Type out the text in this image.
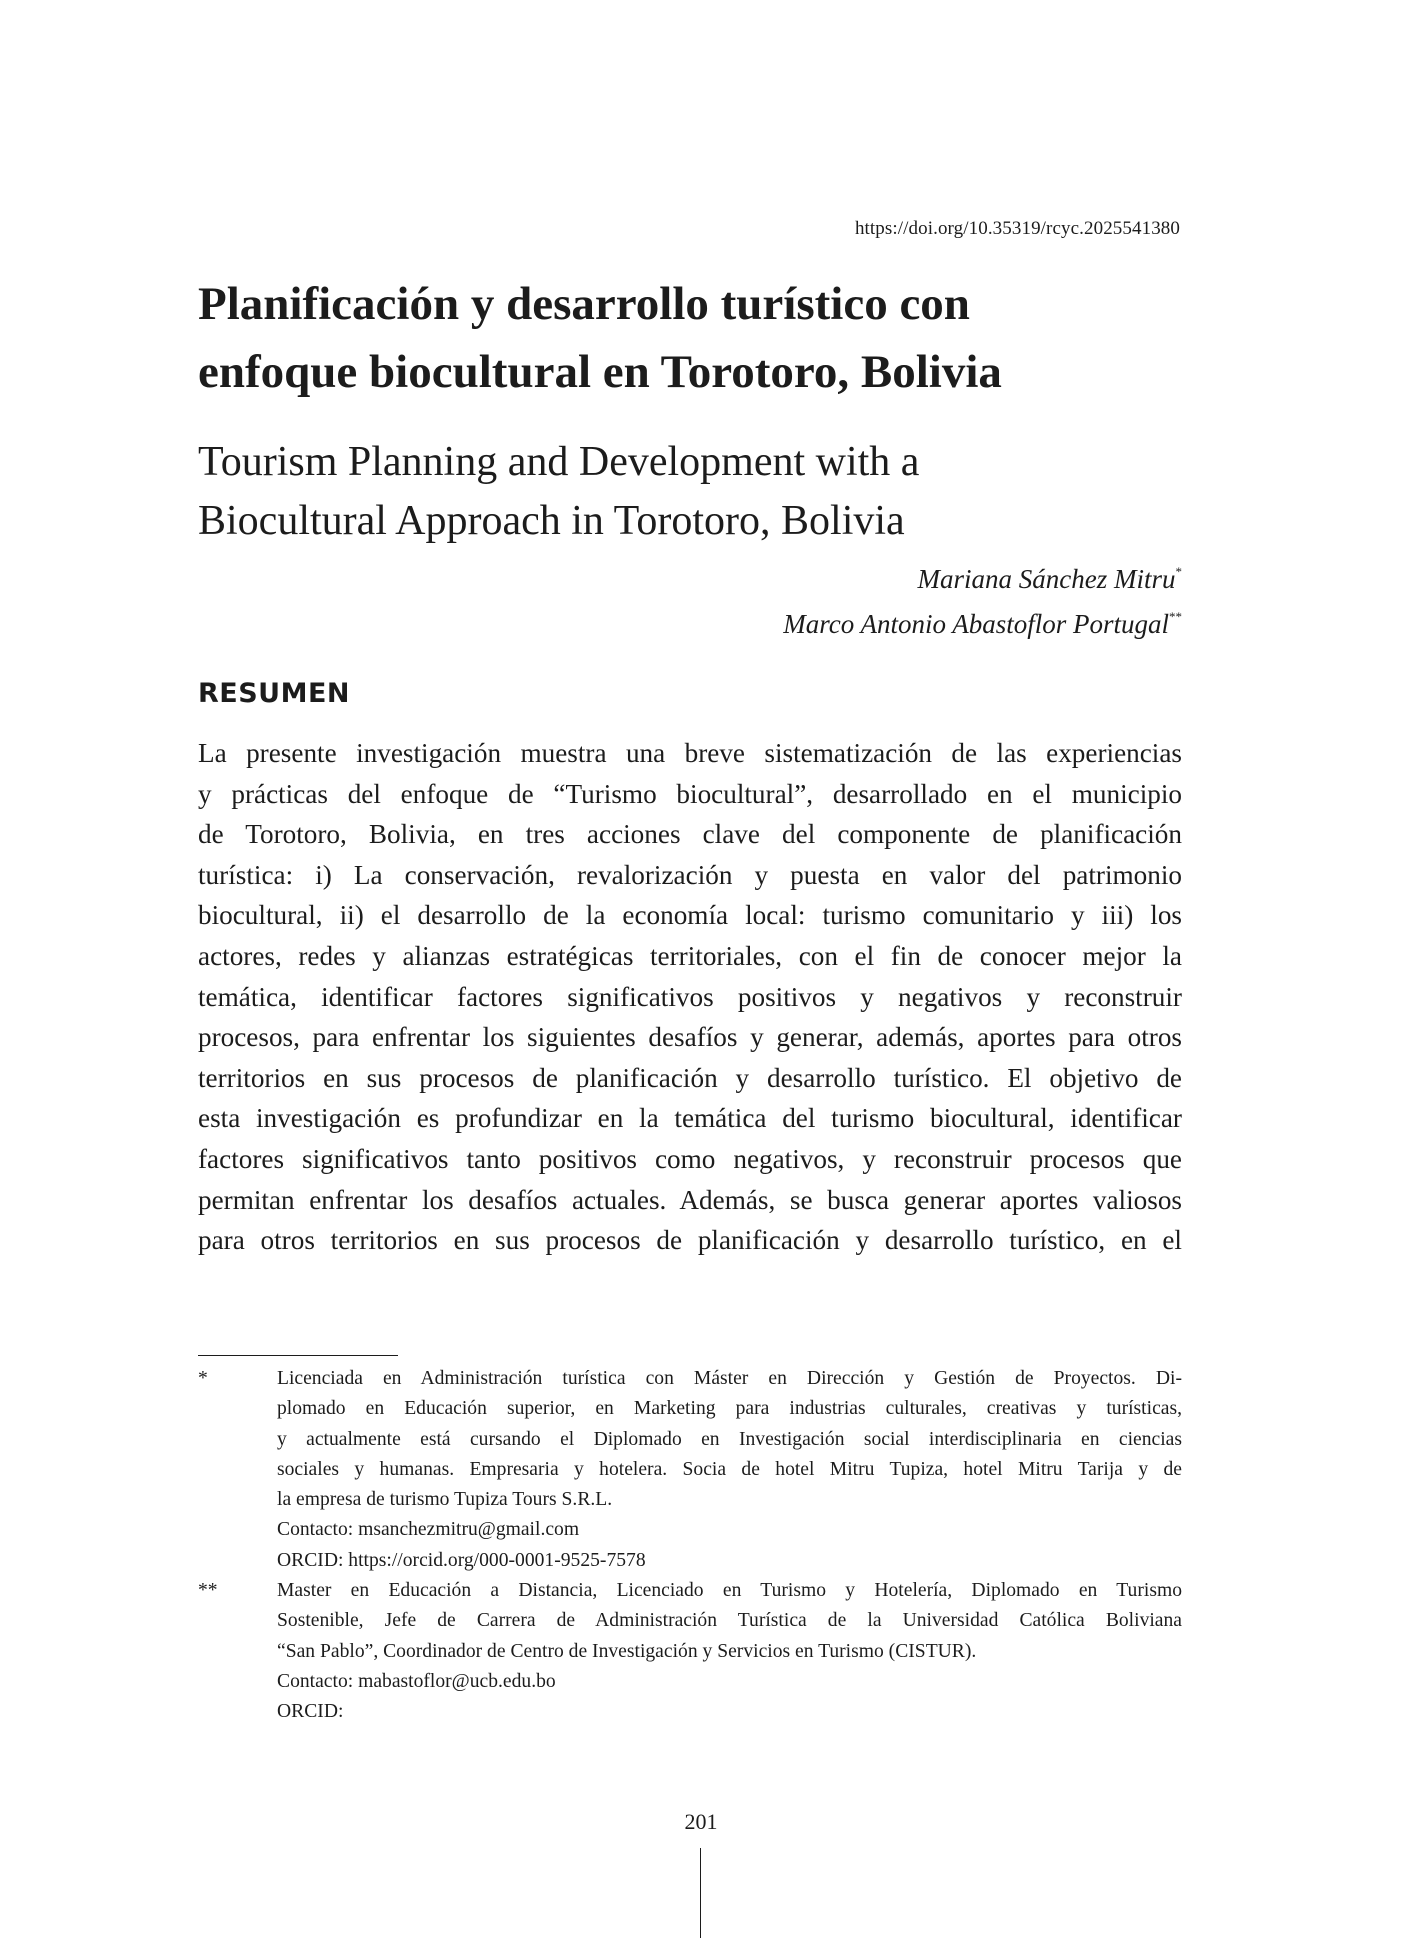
https://doi.org/10.35319/rcyc.2025541380
Planificación y desarrollo turístico con
enfoque biocultural en Torotoro, Bolivia
Tourism Planning and Development with a
Biocultural Approach in Torotoro, Bolivia
Mariana Sánchez Mitru*
Marco Antonio Abastoflor Portugal**
RESUMEN
La presente investigación muestra una breve sistematización de las experiencias
y prácticas del enfoque de “Turismo biocultural”, desarrollado en el municipio
de Torotoro, Bolivia, en tres acciones clave del componente de planificación
turística: i) La conservación, revalorización y puesta en valor del patrimonio
biocultural, ii) el desarrollo de la economía local: turismo comunitario y iii) los
actores, redes y alianzas estratégicas territoriales, con el fin de conocer mejor la
temática, identificar factores significativos positivos y negativos y reconstruir
procesos, para enfrentar los siguientes desafíos y generar, además, aportes para otros
territorios en sus procesos de planificación y desarrollo turístico. El objetivo de
esta investigación es profundizar en la temática del turismo biocultural, identificar
factores significativos tanto positivos como negativos, y reconstruir procesos que
permitan enfrentar los desafíos actuales. Además, se busca generar aportes valiosos
para otros territorios en sus procesos de planificación y desarrollo turístico, en el
*	Licenciada en Administración turística con Máster en Dirección y Gestión de Proyectos. Di-
plomado en Educación superior, en Marketing para industrias culturales, creativas y turísticas,
y actualmente está cursando el Diplomado en Investigación social interdisciplinaria en ciencias
sociales y humanas. Empresaria y hotelera. Socia de hotel Mitru Tupiza, hotel Mitru Tarija y de
la empresa de turismo Tupiza Tours S.R.L.
Contacto: msanchezmitru@gmail.com
ORCID: https://orcid.org/000-0001-9525-7578
**	Master en Educación a Distancia, Licenciado en Turismo y Hotelería, Diplomado en Turismo
Sostenible, Jefe de Carrera de Administración Turística de la Universidad Católica Boliviana
“San Pablo”, Coordinador de Centro de Investigación y Servicios en Turismo (CISTUR).
Contacto: mabastoflor@ucb.edu.bo
ORCID:
201
